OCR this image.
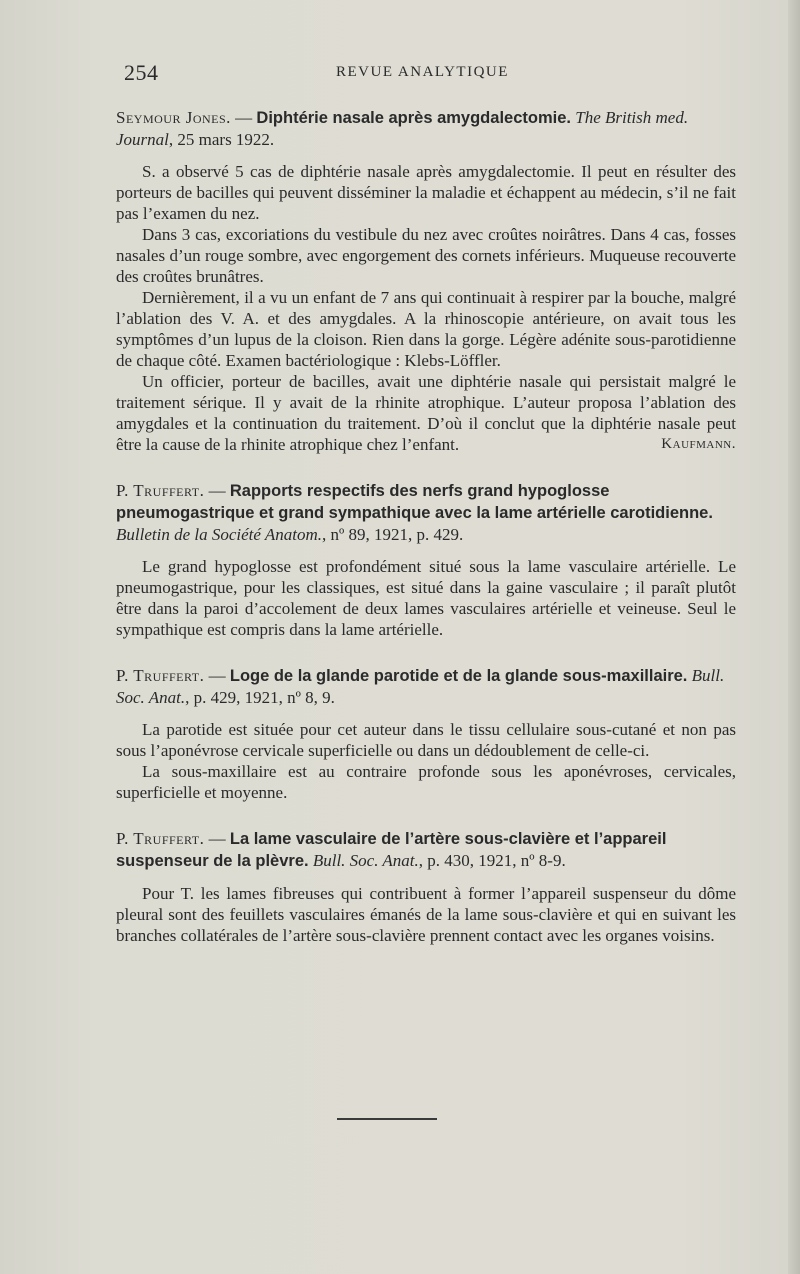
254	REVUE ANALYTIQUE
Seymour Jones. — Diphtérie nasale après amygdalectomie. The British med. Journal, 25 mars 1922.

S. a observé 5 cas de diphtérie nasale après amygdalectomie. Il peut en résulter des porteurs de bacilles qui peuvent disséminer la maladie et échappent au médecin, s’il ne fait pas l’examen du nez.

Dans 3 cas, excoriations du vestibule du nez avec croûtes noirâtres. Dans 4 cas, fosses nasales d’un rouge sombre, avec engorgement des cornets inférieurs. Muqueuse recouverte des croûtes brunâtres.

Dernièrement, il a vu un enfant de 7 ans qui continuait à respirer par la bouche, malgré l’ablation des V. A. et des amygdales. A la rhinoscopie antérieure, on avait tous les symptômes d’un lupus de la cloison. Rien dans la gorge. Légère adénite sous-parotidienne de chaque côté. Examen bactériologique : Klebs-Löffler.

Un officier, porteur de bacilles, avait une diphtérie nasale qui persistait malgré le traitement sérique. Il y avait de la rhinite atrophique. L’auteur proposa l’ablation des amygdales et la continuation du traitement. D’où il conclut que la diphtérie nasale peut être la cause de la rhinite atrophique chez l’enfant.	Kaufmann.

P. Truffert. — Rapports respectifs des nerfs grand hypoglosse pneumogastrique et grand sympathique avec la lame artérielle carotidienne. Bulletin de la Société Anatom., nº 89, 1921, p. 429.

Le grand hypoglosse est profondément situé sous la lame vasculaire artérielle. Le pneumogastrique, pour les classiques, est situé dans la gaine vasculaire ; il paraît plutôt être dans la paroi d’accolement de deux lames vasculaires artérielle et veineuse. Seul le sympathique est compris dans la lame artérielle.

P. Truffert. — Loge de la glande parotide et de la glande sous-maxillaire. Bull. Soc. Anat., p. 429, 1921, nº 8, 9.

La parotide est située pour cet auteur dans le tissu cellulaire sous-cutané et non pas sous l’aponévrose cervicale superficielle ou dans un dédoublement de celle-ci.

La sous-maxillaire est au contraire profonde sous les aponévroses, cervicales, superficielle et moyenne.

P. Truffert. — La lame vasculaire de l’artère sous-clavière et l’appareil suspenseur de la plèvre. Bull. Soc. Anat., p. 430, 1921, nº 8-9.

Pour T. les lames fibreuses qui contribuent à former l’appareil suspenseur du dôme pleural sont des feuillets vasculaires émanés de la lame sous-clavière et qui en suivant les branches collatérales de l’artère sous-clavière prennent contact avec les organes voisins.
